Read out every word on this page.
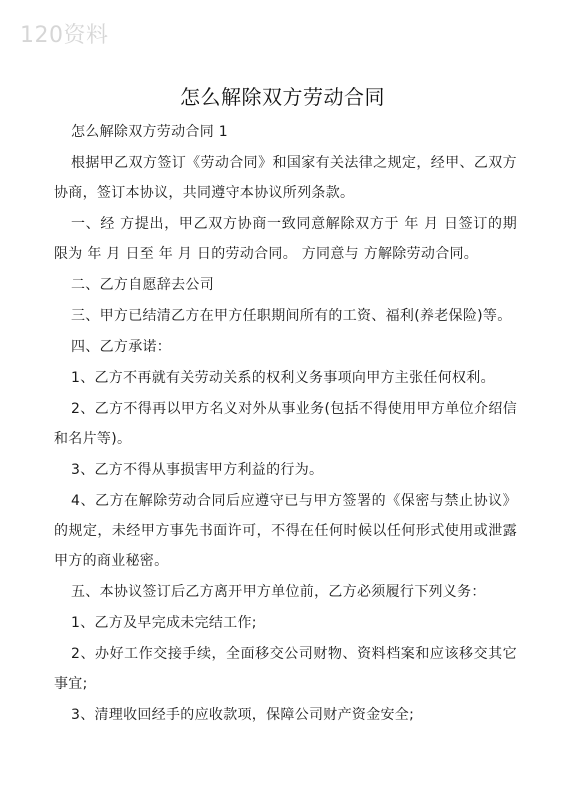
120资料
怎么解除双方劳动合同

怎么解除双方劳动合同 1

根据甲乙双方签订《劳动合同》和国家有关法律之规定，经甲、乙双方协商，签订本协议，共同遵守本协议所列条款。

一、经 方提出，甲乙双方协商一致同意解除双方于 年 月 日签订的期限为 年 月 日至 年 月 日的劳动合同。 方同意与 方解除劳动合同。

二、乙方自愿辞去公司

三、甲方已结清乙方在甲方任职期间所有的工资、福利(养老保险)等。

四、乙方承诺：

1、乙方不再就有关劳动关系的权利义务事项向甲方主张任何权利。

2、乙方不得再以甲方名义对外从事业务(包括不得使用甲方单位介绍信和名片等)。

3、乙方不得从事损害甲方利益的行为。

4、乙方在解除劳动合同后应遵守已与甲方签署的《保密与禁止协议》的规定，未经甲方事先书面许可，不得在任何时候以任何形式使用或泄露甲方的商业秘密。

五、本协议签订后乙方离开甲方单位前，乙方必须履行下列义务：

1、乙方及早完成未完结工作;

2、办好工作交接手续，全面移交公司财物、资料档案和应该移交其它事宜;

3、清理收回经手的应收款项，保障公司财产资金安全;
